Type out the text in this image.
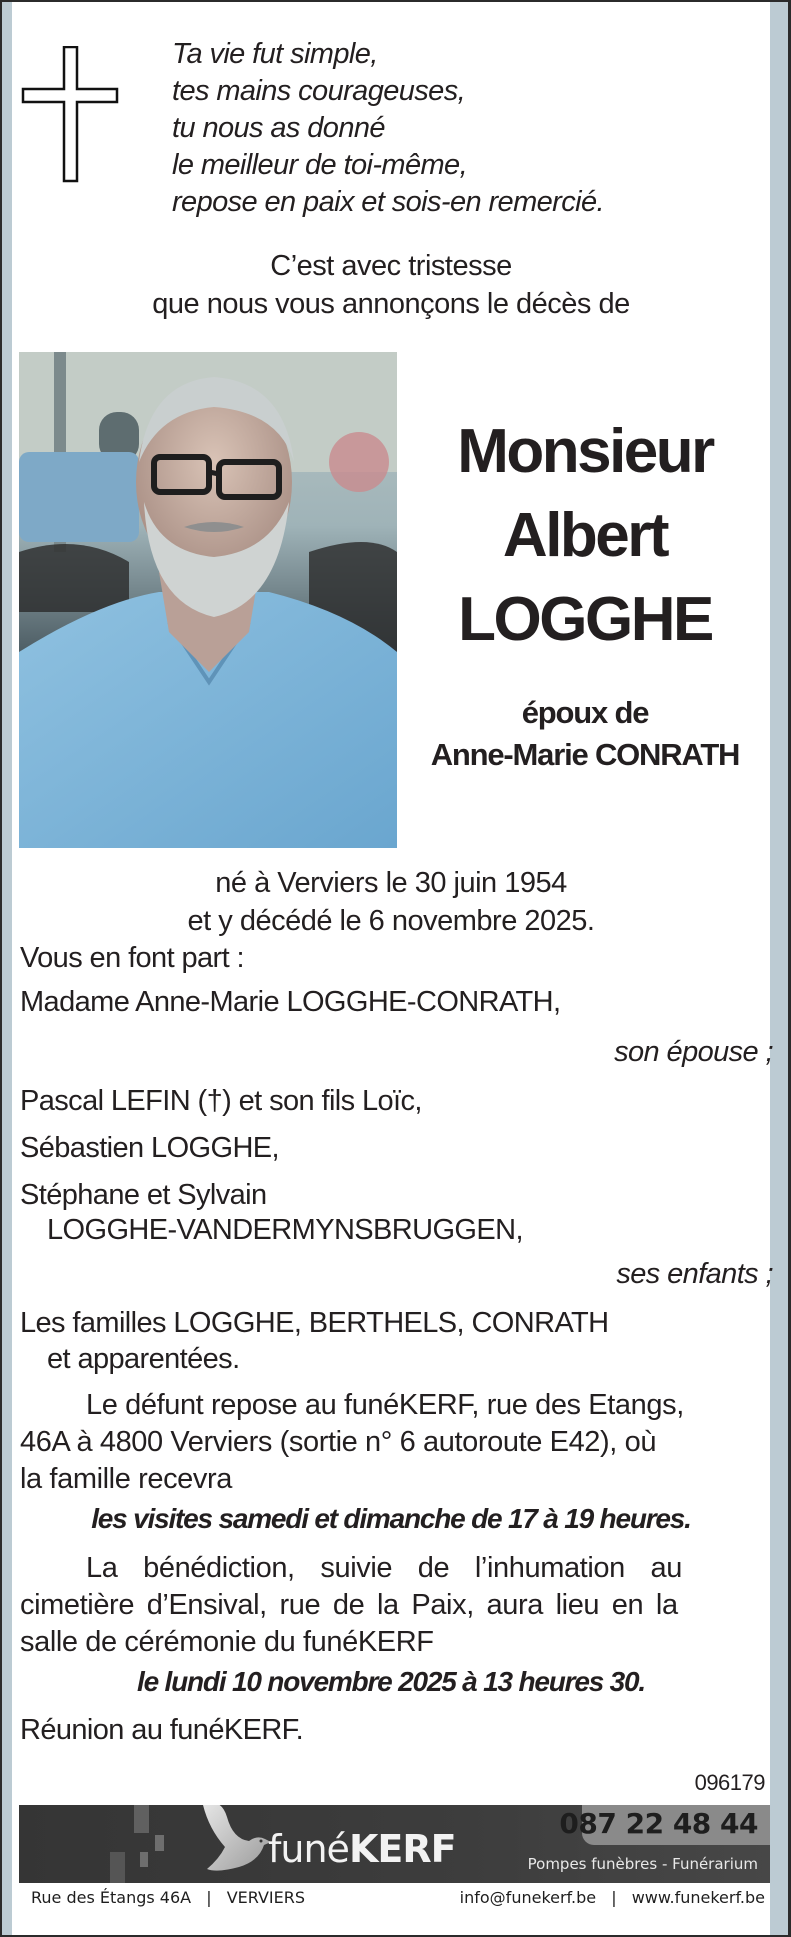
Ta vie fut simple,
tes mains courageuses,
tu nous as donné
le meilleur de toi-même,
repose en paix et sois-en remercié.
C’est avec tristesse
que nous vous annonçons le décès de
Monsieur
Albert
LOGGHE
époux de
Anne-Marie CONRATH
né à Verviers le 30 juin 1954
et y décédé le 6 novembre 2025.
Vous en font part :
Madame Anne-Marie LOGGHE-CONRATH,
son épouse ;
Pascal LEFIN (†) et son fils Loïc,
Sébastien LOGGHE,
Stéphane et Sylvain
LOGGHE-VANDERMYNSBRUGGEN,
ses enfants ;
Les familles LOGGHE, BERTHELS, CONRATH
et apparentées.
Le défunt repose au funéKERF, rue des Etangs,
46A à 4800 Verviers (sortie n° 6 autoroute E42), où
la famille recevra
les visites samedi et dimanche de 17 à 19 heures.
La bénédiction, suivie de l’inhumation au
cimetière d’Ensival, rue de la Paix, aura lieu en la
salle de cérémonie du funéKERF
le lundi 10 novembre 2025 à 13 heures 30.
Réunion au funéKERF.
096179
funéKERF
087 22 48 44
Pompes funèbres - Funérarium
Rue des Étangs 46A | VERVIERS	info@funekerf.be | www.funekerf.be
